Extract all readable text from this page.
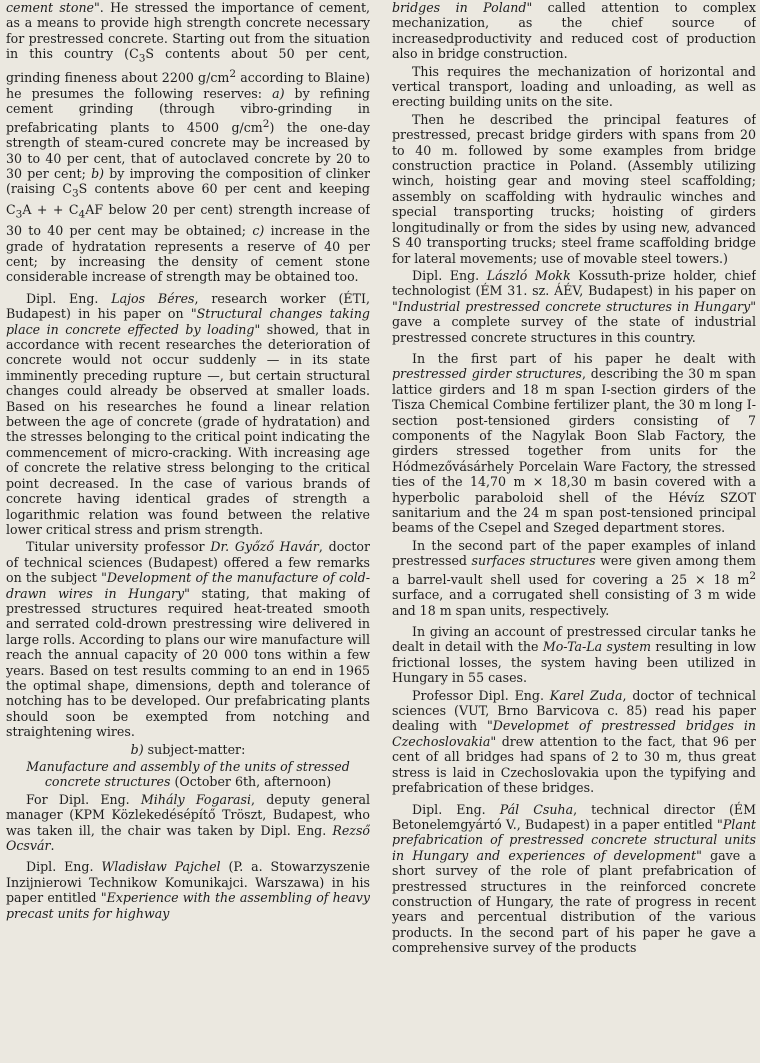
cement stone". He stressed the importance of cement, as a means to provide high strength concrete necessary for prestressed concrete. Starting out from the situation in this country ($C_3S$ contents about 50 per cent, grinding fineness about 2200 $g/cm^2$ according to Blaine) he presumes the following reserves: a) by refining cement grinding (through vibro-grinding in prefabricating plants to 4500 $g/cm^2$) the one-day strength of steam-cured concrete may be increased by 30 to 40 per cent, that of autoclaved concrete by 20 to 30 per cent; b) by improving the composition of clinker (raising $C_3S$ contents above 60 per cent and keeping $C_3A$ + + $C_4AF$ below 20 per cent) strength increase of 30 to 40 per cent may be obtained; c) increase in the grade of hydratation represents a reserve of 40 per cent; by increasing the density of cement stone considerable increase of strength may be obtained too.

Dipl. Eng. Lajos Béres, research worker (ÉTI, Budapest) in his paper on "Structural changes taking place in concrete effected by loading" showed, that in accordance with recent researches the deterioration of concrete would not occur suddenly — in its state imminently preceding rupture —, but certain structural changes could already be observed at smaller loads. Based on his researches he found a linear relation between the age of concrete (grade of hydratation) and the stresses belonging to the critical point indicating the commencement of micro-cracking. With increasing age of concrete the relative stress belonging to the critical point decreased. In the case of various brands of concrete having identical grades of strength a logarithmic relation was found between the relative lower critical stress and prism strength.

Titular university professor Dr. Győző Havár, doctor of technical sciences (Budapest) offered a few remarks on the subject "Development of the manufacture of cold-drawn wires in Hungary" stating, that making of prestressed structures required heat-treated smooth and serrated cold-drown prestressing wire delivered in large rolls. According to plans our wire manufacture will reach the annual capacity of 20 000 tons within a few years. Based on test results comming to an end in 1965 the optimal shape, dimensions, depth and tolerance of notching has to be developed. Our prefabricating plants should soon be exempted from notching and straightening wires.

b) subject-matter:

Manufacture and assembly of the units of stressed concrete structures (October 6th, afternoon)

For Dipl. Eng. Mihály Fogarasi, deputy general manager (KPM Közlekedésépítő Tröszt, Budapest, who was taken ill, the chair was taken by Dipl. Eng. Rezső Ocsvár.

Dipl. Eng. Wladisław Pajchel (P. a. Stowarzyszenie Inzijnierowi Technikow Komunikajci. Warszawa) in his paper entitled "Experience with the assembling of heavy precast units for highway

bridges in Poland" called attention to complex mechanization, as the chief source of increasedproductivity and reduced cost of production also in bridge construction.

This requires the mechanization of horizontal and vertical transport, loading and unloading, as well as erecting building units on the site.

Then he described the principal features of prestressed, precast bridge girders with spans from 20 to 40 m. followed by some examples from bridge construction practice in Poland. (Assembly utilizing winch, hoisting gear and moving steel scaffolding; assembly on scaffolding with hydraulic winches and special transporting trucks; hoisting of girders longitudinally or from the sides by using new, advanced S 40 transporting trucks; steel frame scaffolding bridge for lateral movements; use of movable steel towers.)

Dipl. Eng. László Mokk Kossuth-prize holder, chief technologist (ÉM 31. sz. ÁÉV, Budapest) in his paper on "Industrial prestressed concrete structures in Hungary" gave a complete survey of the state of industrial prestressed concrete structures in this country.

In the first part of his paper he dealt with prestressed girder structures, describing the 30 m span lattice girders and 18 m span I-section girders of the Tisza Chemical Combine fertilizer plant, the 30 m long I-section post-tensioned girders consisting of 7 components of the Nagylak Boon Slab Factory, the girders stressed together from units for the Hódmezővásárhely Porcelain Ware Factory, the stressed ties of the 14,70 m × 18,30 m basin covered with a hyperbolic paraboloid shell of the Hévíz SZOT sanitarium and the 24 m span post-tensioned principal beams of the Csepel and Szeged department stores.

In the second part of the paper examples of inland prestressed surfaces structures were given among them a barrel-vault shell used for covering a 25 × 18 $m^2$ surface, and a corrugated shell consisting of 3 m wide and 18 m span units, respectively.

In giving an account of prestressed circular tanks he dealt in detail with the Mo-Ta-La system resulting in low frictional losses, the system having been utilized in Hungary in 55 cases.

Professor Dipl. Eng. Karel Zuda, doctor of technical sciences (VUT, Brno Barvicova c. 85) read his paper dealing with "Developmet of prestressed bridges in Czechoslovakia" drew attention to the fact, that 96 per cent of all bridges had spans of 2 to 30 m, thus great stress is laid in Czechoslovakia upon the typifying and prefabrication of these bridges.

Dipl. Eng. Pál Csuha, technical director (ÉM Betonelemgyártó V., Budapest) in a paper entitled "Plant prefabrication of prestressed concrete structural units in Hungary and experiences of development" gave a short survey of the role of plant prefabrication of prestressed structures in the reinforced concrete construction of Hungary, the rate of progress in recent years and percentual distribution of the various products. In the second part of his paper he gave a comprehensive survey of the products
